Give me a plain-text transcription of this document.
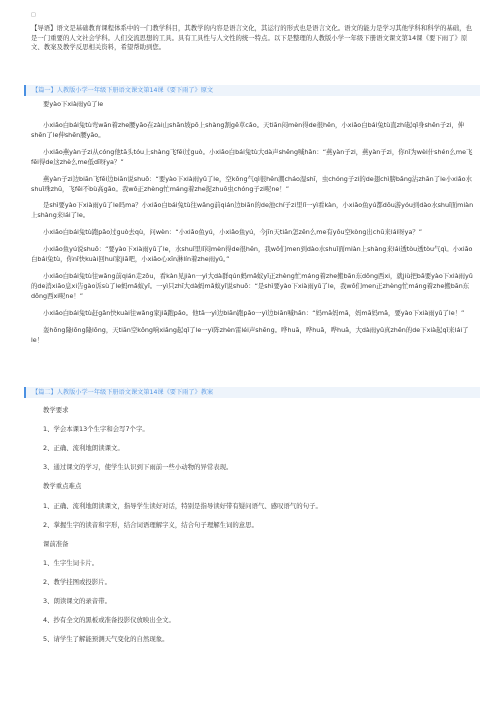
□
【导语】语文是基础教育课程体系中的一门教学科目，其教学的内容是语言文化，其运行的形式也是语言文化。语文的能力是学习其他学科和科学的基础，也是一门重要的人文社会学科。人们交流思想的工具。具有工具性与人文性的统一特点。以下是整理的人教版小学一年级下册语文课文第14课《要下雨了》原文、教案及教学反思相关资料，希望帮助到您。
【篇一】人教版小学一年级下册语文课文第14课《要下雨了》原文

要yào下xià雨yǔ了le

小xiǎo白bái兔tù弯wān着zhe腰yāo在zài山shān坡pō上shàng割gē草cǎo。天tiān闷mèn得de很hěn，小xiǎo白bái兔tù直zhí起qǐ身shēn子zi，伸shēn了le伸shēn腰yāo。

小xiǎo燕yàn子zi从cóng他tā头tóu上shàng飞fēi过guò。小xiǎo白bái兔tù大dà声shēng喊hǎn：“燕yàn子zi，燕yàn子zi，你nǐ为wèi什shén么me飞fēi得de这zhè么me低dī呀ya？”

燕yàn子zi边biān飞fēi边biān说shuō：“要yào下xià雨yǔ了le，空kōng气qì很hěn潮cháo湿shī，虫chóng子zi的de翅chì膀bǎng沾zhān了le小xiǎo水shuǐ珠zhū，飞fēi不bù高gāo。我wǒ正zhèng忙máng着zhe捉zhuō虫chóng子zi呢ne！”

是shì要yào下xià雨yǔ了le吗ma？小xiǎo白bái兔tù往wǎng前qián边biān的de池chí子zi里lǐ一yì看kàn，小xiǎo鱼yú都dōu游yóu到dào水shuǐ面miàn上shàng来lái了le。

小xiǎo白bái兔tù跑pǎo过guò去qù，问wèn：“小xiǎo鱼yú，小xiǎo鱼yú，今jīn天tiān怎zěn么me有yǒu空kòng出chū来lái呀ya？”

小xiǎo鱼yú说shuō：“要yào下xià雨yǔ了le，水shuǐ里lǐ闷mèn得de很hěn，我wǒ们men到dào水shuǐ面miàn上shàng来lái透tòu透tòu气qì。小xiǎo白bái兔tù，你nǐ快kuài回huí家jiā吧，小xiǎo心xīn淋lín着zhe雨yǔ。”

小xiǎo白bái兔tù往wǎng前qián走zǒu，看kàn见jiàn一yì大dà群qún蚂mǎ蚁yǐ正zhèng忙máng着zhe搬bān东dōng西xi，就jiù把bǎ要yào下xià雨yǔ的de消xiāo息xi告gào诉sù了le蚂mǎ蚁yǐ。一yì只zhī大dà蚂mǎ蚁yǐ说shuō：“是shì要yào下xià雨yǔ了le，我wǒ们men正zhèng忙máng着zhe搬bān东dōng西xi呢ne！”

小xiǎo白bái兔tù赶gǎn快kuài往wǎng家jiā跑pǎo。他tā一yì边biān跑pǎo一yì边biān喊hǎn：“妈mā妈mā，妈mā妈mā，要yào下xià雨yǔ了le！”

轰hōng隆lōng隆lōng，天tiān空kōng响xiǎng起qǐ了le一yì阵zhèn雷léi声shēng。哗huā，哗huā，哗huā，大dà雨yǔ真zhēn的de下xià起qǐ来lái了le！

【篇二】人教版小学一年级下册语文课文第14课《要下雨了》教案

教学要求

1、学会本课13个生字和会写7个字。

2、正确、流利地朗读课文。

3、通过课文的学习，使学生认识到下雨前一些小动物的异常表现。

教学重点难点

1、正确、流利地朗读课文，指导学生读好对话，特别是指导读好带有疑问语气、感叹语气的句子。

2、掌握生字的读音和字形，结合词语理解字义，结合句子理解生词的意思。

课前准备

1、生字生词卡片。

2、教学挂图或投影片。

3、朗读课文的录音带。

4、抄有全文的黑板或准备投影仪放映出全文。

5、请学生了解能预测天气变化的自然现象。
